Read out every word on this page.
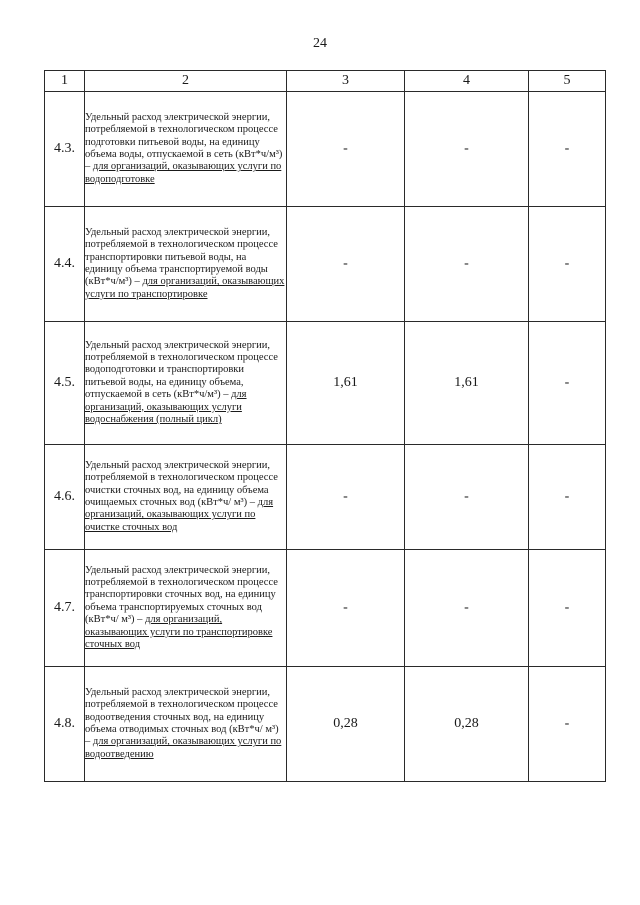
24
1	2	3	4	5
4.3.	Удельный расход электрической энергии, потребляемой в технологическом процессе подготовки питьевой воды, на единицу объема воды, отпускаемой в сеть (кВт*ч/м³) – для организаций, оказывающих услуги по водоподготовке	-	-	-
4.4.	Удельный расход электрической энергии, потребляемой в технологическом процессе транспортировки питьевой воды, на единицу объема транспортируемой воды (кВт*ч/м³) – для организаций, оказывающих услуги по транспортировке	-	-	-
4.5.	Удельный расход электрической энергии, потребляемой в технологическом процессе водоподготовки и транспортировки питьевой воды, на единицу объема, отпускаемой в сеть (кВт*ч/м³) – для организаций, оказывающих услуги водоснабжения (полный цикл)	1,61	1,61	-
4.6.	Удельный расход электрической энергии, потребляемой в технологическом процессе очистки сточных вод, на единицу объема очищаемых сточных вод (кВт*ч/ м³) – для организаций, оказывающих услуги по очистке сточных вод	-	-	-
4.7.	Удельный расход электрической энергии, потребляемой в технологическом процессе транспортировки сточных вод, на единицу объема транспортируемых сточных вод (кВт*ч/ м³) – для организаций, оказывающих услуги по транспортировке сточных вод	-	-	-
4.8.	Удельный расход электрической энергии, потребляемой в технологическом процессе водоотведения сточных вод, на единицу объема отводимых сточных вод (кВт*ч/ м³) – для организаций, оказывающих услуги по водоотведению	0,28	0,28	-
